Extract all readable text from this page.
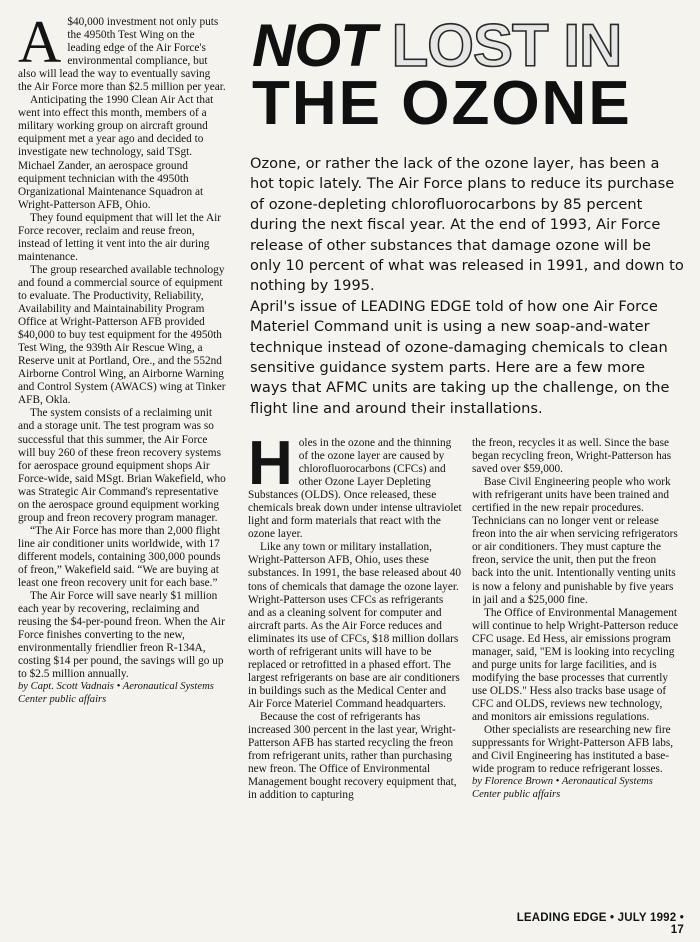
A $40,000 investment not only puts the 4950th Test Wing on the leading edge of the Air Force's environmental compliance, but also will lead the way to eventually saving the Air Force more than $2.5 million per year.

Anticipating the 1990 Clean Air Act that went into effect this month, members of a military working group on aircraft ground equipment met a year ago and decided to investigate new technology, said TSgt. Michael Zander, an aerospace ground equipment technician with the 4950th Organizational Maintenance Squadron at Wright-Patterson AFB, Ohio.

They found equipment that will let the Air Force recover, reclaim and reuse freon, instead of letting it vent into the air during maintenance.

The group researched available technology and found a commercial source of equipment to evaluate. The Productivity, Reliability, Availability and Maintainability Program Office at Wright-Patterson AFB provided $40,000 to buy test equipment for the 4950th Test Wing, the 939th Air Rescue Wing, a Reserve unit at Portland, Ore., and the 552nd Airborne Control Wing, an Airborne Warning and Control System (AWACS) wing at Tinker AFB, Okla.

The system consists of a reclaiming unit and a storage unit. The test program was so successful that this summer, the Air Force will buy 260 of these freon recovery systems for aerospace ground equipment shops Air Force-wide, said MSgt. Brian Wakefield, who was Strategic Air Command's representative on the aerospace ground equipment working group and freon recovery program manager.

“The Air Force has more than 2,000 flight line air conditioner units worldwide, with 17 different models, containing 300,000 pounds of freon,” Wakefield said. “We are buying at least one freon recovery unit for each base.”

The Air Force will save nearly $1 million each year by recovering, reclaiming and reusing the $4-per-pound freon. When the Air Force finishes converting to the new, environmentally friendlier freon R-134A, costing $14 per pound, the savings will go up to $2.5 million annually.

by Capt. Scott Vadnais • Aeronautical Systems Center public affairs

NOT LOST IN
THE OZONE

Ozone, or rather the lack of the ozone layer, has been a hot topic lately. The Air Force plans to reduce its purchase of ozone-depleting chlorofluorocarbons by 85 percent during the next fiscal year. At the end of 1993, Air Force release of other substances that damage ozone will be only 10 percent of what was released in 1991, and down to nothing by 1995.

April's issue of LEADING EDGE told of how one Air Force Materiel Command unit is using a new soap-and-water technique instead of ozone-damaging chemicals to clean sensitive guidance system parts. Here are a few more ways that AFMC units are taking up the challenge, on the flight line and around their installations.

H oles in the ozone and the thinning of the ozone layer are caused by chlorofluorocarbons (CFCs) and other Ozone Layer Depleting Substances (OLDS). Once released, these chemicals break down under intense ultraviolet light and form materials that react with the ozone layer.

Like any town or military installation, Wright-Patterson AFB, Ohio, uses these substances. In 1991, the base released about 40 tons of chemicals that damage the ozone layer. Wright-Patterson uses CFCs as refrigerants and as a cleaning solvent for computer and aircraft parts. As the Air Force reduces and eliminates its use of CFCs, $18 million dollars worth of refrigerant units will have to be replaced or retrofitted in a phased effort. The largest refrigerants on base are air conditioners in buildings such as the Medical Center and Air Force Materiel Command headquarters.

Because the cost of refrigerants has increased 300 percent in the last year, Wright-Patterson AFB has started recycling the freon from refrigerant units, rather than purchasing new freon. The Office of Environmental Management bought recovery equipment that, in addition to capturing

the freon, recycles it as well. Since the base began recycling freon, Wright-Patterson has saved over $59,000.

Base Civil Engineering people who work with refrigerant units have been trained and certified in the new repair procedures. Technicians can no longer vent or release freon into the air when servicing refrigerators or air conditioners. They must capture the freon, service the unit, then put the freon back into the unit. Intentionally venting units is now a felony and punishable by five years in jail and a $25,000 fine.

The Office of Environmental Management will continue to help Wright-Patterson reduce CFC usage. Ed Hess, air emissions program manager, said, "EM is looking into recycling and purge units for large facilities, and is modifying the base processes that currently use OLDS." Hess also tracks base usage of CFC and OLDS, reviews new technology, and monitors air emissions regulations.

Other specialists are researching new fire suppressants for Wright-Patterson AFB labs, and Civil Engineering has instituted a base-wide program to reduce refrigerant losses.

by Florence Brown • Aeronautical Systems Center public affairs

LEADING EDGE • JULY 1992 • 17
